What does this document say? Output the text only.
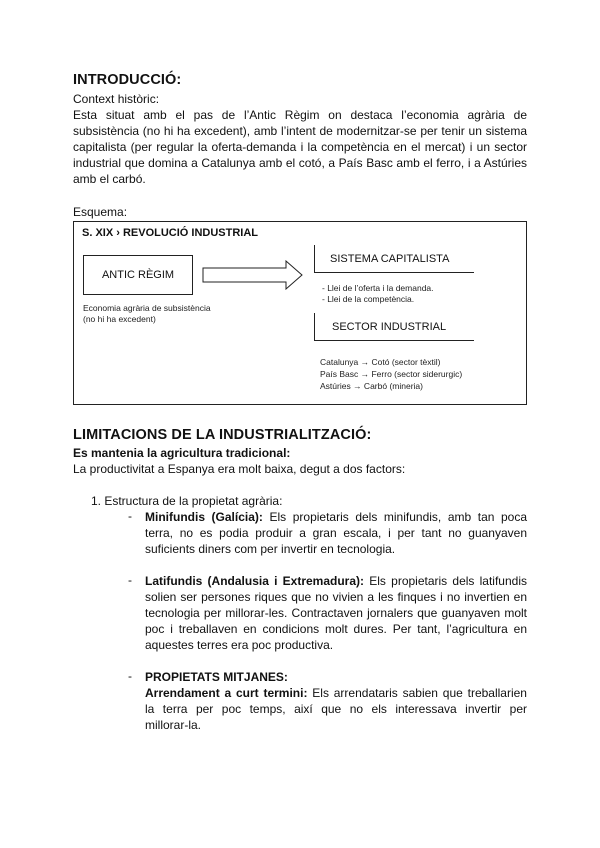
INTRODUCCIÓ:
Context històric:
Esta situat amb el pas de l’Antic Règim on destaca l’economia agrària de
subsistència (no hi ha excedent), amb l’intent de modernitzar-se per tenir un sistema
capitalista (per regular la oferta-demanda i la competència en el mercat) i un sector
industrial que domina a Catalunya amb el cotó, a País Basc amb el ferro, i a Astúries
amb el carbó.
Esquema:
S. XIX › REVOLUCIÓ INDUSTRIAL
ANTIC RÈGIM
Economia agrària de subsistència
(no hi ha excedent)
SISTEMA CAPITALISTA
- Llei de l’oferta i la demanda.
- Llei de la competència.
SECTOR INDUSTRIAL
Catalunya → Cotó (sector tèxtil)
País Basc → Ferro (sector siderurgic)
Astúries → Carbó (mineria)
LIMITACIONS DE LA INDUSTRIALITZACIÓ:
Es mantenia la agricultura tradicional:
La productivitat a Espanya era molt baixa, degut a dos factors:
1. Estructura de la propietat agrària:
- Minifundis (Galícia): Els propietaris dels minifundis, amb tan poca
terra, no es podia produir a gran escala, i per tant no guanyaven
suficients diners com per invertir en tecnologia.
- Latifundis (Andalusia i Extremadura): Els propietaris dels latifundis
solien ser persones riques que no vivien a les finques i no invertien en
tecnologia per millorar-les. Contractaven jornalers que guanyaven molt
poc i treballaven en condicions molt dures. Per tant, l’agricultura en
aquestes terres era poc productiva.
- PROPIETATS MITJANES:
Arrendament a curt termini: Els arrendataris sabien que treballarien
la terra per poc temps, així que no els interessava invertir per
millorar-la.
